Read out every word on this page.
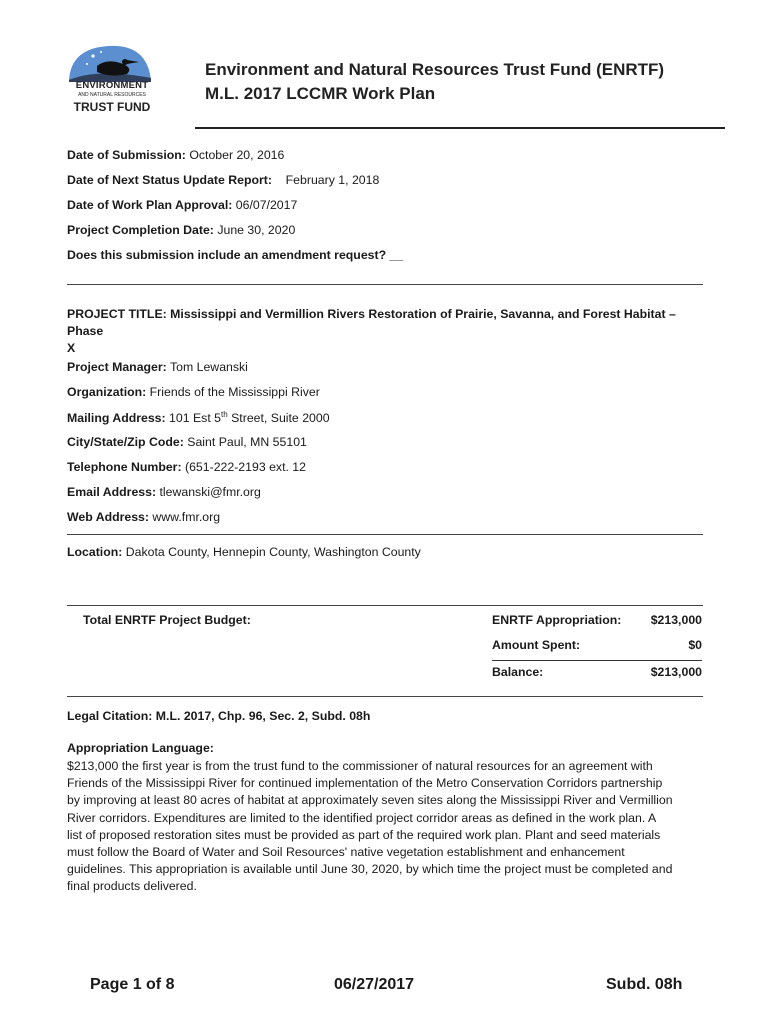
ENVIRONMENT
AND NATURAL RESOURCES
TRUST FUND
Environment and Natural Resources Trust Fund (ENRTF)
M.L. 2017 LCCMR Work Plan
Date of Submission: October 20, 2016
Date of Next Status Update Report: February 1, 2018
Date of Work Plan Approval: 06/07/2017
Project Completion Date: June 30, 2020
Does this submission include an amendment request? __
PROJECT TITLE: Mississippi and Vermillion Rivers Restoration of Prairie, Savanna, and Forest Habitat – Phase
X
Project Manager: Tom Lewanski
Organization: Friends of the Mississippi River
Mailing Address: 101 Est 5th Street, Suite 2000
City/State/Zip Code: Saint Paul, MN 55101
Telephone Number: (651-222-2193 ext. 12
Email Address: tlewanski@fmr.org
Web Address: www.fmr.org
Location: Dakota County, Hennepin County, Washington County
Total ENRTF Project Budget:	ENRTF Appropriation: $213,000
Amount Spent:	$0
Balance:	$213,000
Legal Citation: M.L. 2017, Chp. 96, Sec. 2, Subd. 08h
Appropriation Language:
$213,000 the first year is from the trust fund to the commissioner of natural resources for an agreement with
Friends of the Mississippi River for continued implementation of the Metro Conservation Corridors partnership
by improving at least 80 acres of habitat at approximately seven sites along the Mississippi River and Vermillion
River corridors. Expenditures are limited to the identified project corridor areas as defined in the work plan. A
list of proposed restoration sites must be provided as part of the required work plan. Plant and seed materials
must follow the Board of Water and Soil Resources' native vegetation establishment and enhancement
guidelines. This appropriation is available until June 30, 2020, by which time the project must be completed and
final products delivered.
Page 1 of 8	06/27/2017	Subd. 08h
